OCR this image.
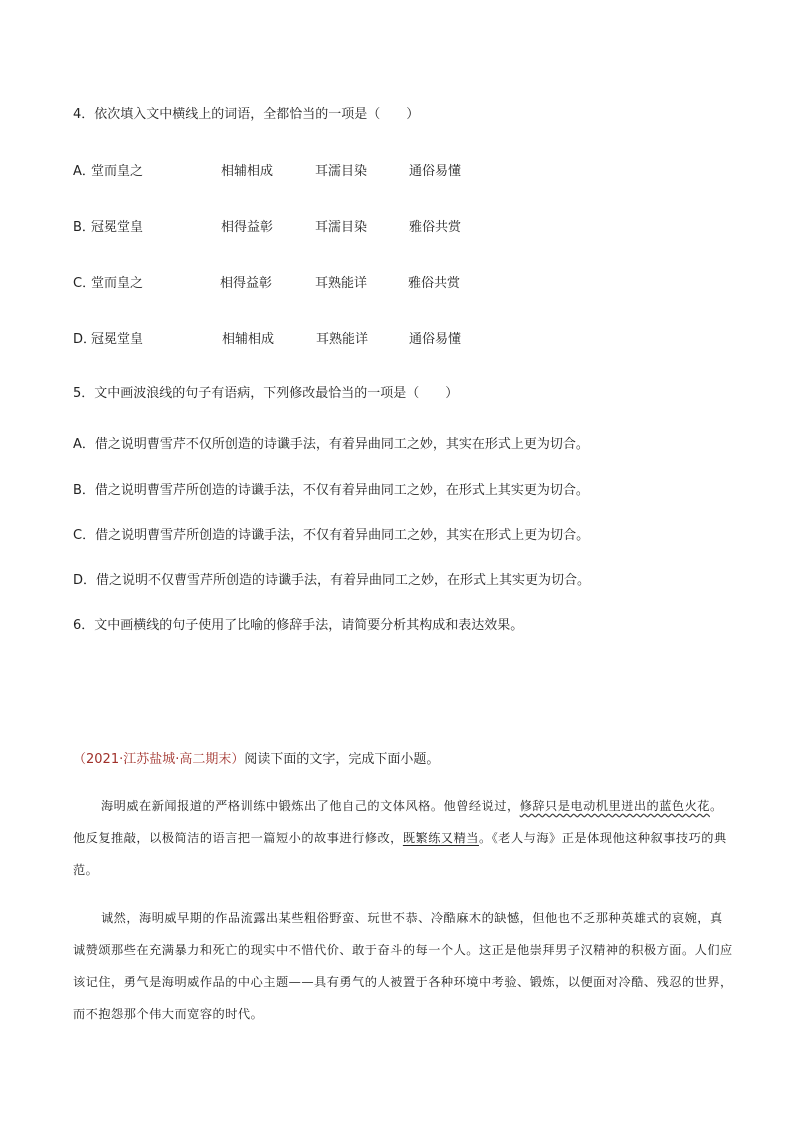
4．依次填入文中横线上的词语，全都恰当的一项是（　　）
A．
堂而皇之	相辅相成	耳濡目染	通俗易懂
B．
冠冕堂皇	相得益彰	耳濡目染	雅俗共赏
C．
堂而皇之	相得益彰	耳熟能详	雅俗共赏
D．
冠冕堂皇	相辅相成	耳熟能详	通俗易懂
5．文中画波浪线的句子有语病，下列修改最恰当的一项是（　　）
A．借之说明曹雪芹不仅所创造的诗谶手法，有着异曲同工之妙，其实在形式上更为切合。
B．借之说明曹雪芹所创造的诗谶手法，不仅有着异曲同工之妙，在形式上其实更为切合。
C．借之说明曹雪芹所创造的诗谶手法，不仅有着异曲同工之妙，其实在形式上更为切合。
D．借之说明不仅曹雪芹所创造的诗谶手法，有着异曲同工之妙，在形式上其实更为切合。
6．文中画横线的句子使用了比喻的修辞手法，请简要分析其构成和表达效果。
（2021·江苏盐城·高二期末）阅读下面的文字，完成下面小题。
海明威在新闻报道的严格训练中锻炼出了他自己的文体风格。他曾经说过，修辞只是电动机里迸出的蓝色火花。他反复推敲，以极简洁的语言把一篇短小的故事进行修改，既繁练又精当。《老人与海》正是体现他这种叙事技巧的典范。
诚然，海明威早期的作品流露出某些粗俗野蛮、玩世不恭、冷酷麻木的缺憾，但他也不乏那种英雄式的哀婉，真诚赞颂那些在充满暴力和死亡的现实中不惜代价、敢于奋斗的每一个人。这正是他崇拜男子汉精神的积极方面。人们应该记住，勇气是海明威作品的中心主题——具有勇气的人被置于各种环境中考验、锻炼，以便面对冷酷、残忍的世界，而不抱怨那个伟大而宽容的时代。
